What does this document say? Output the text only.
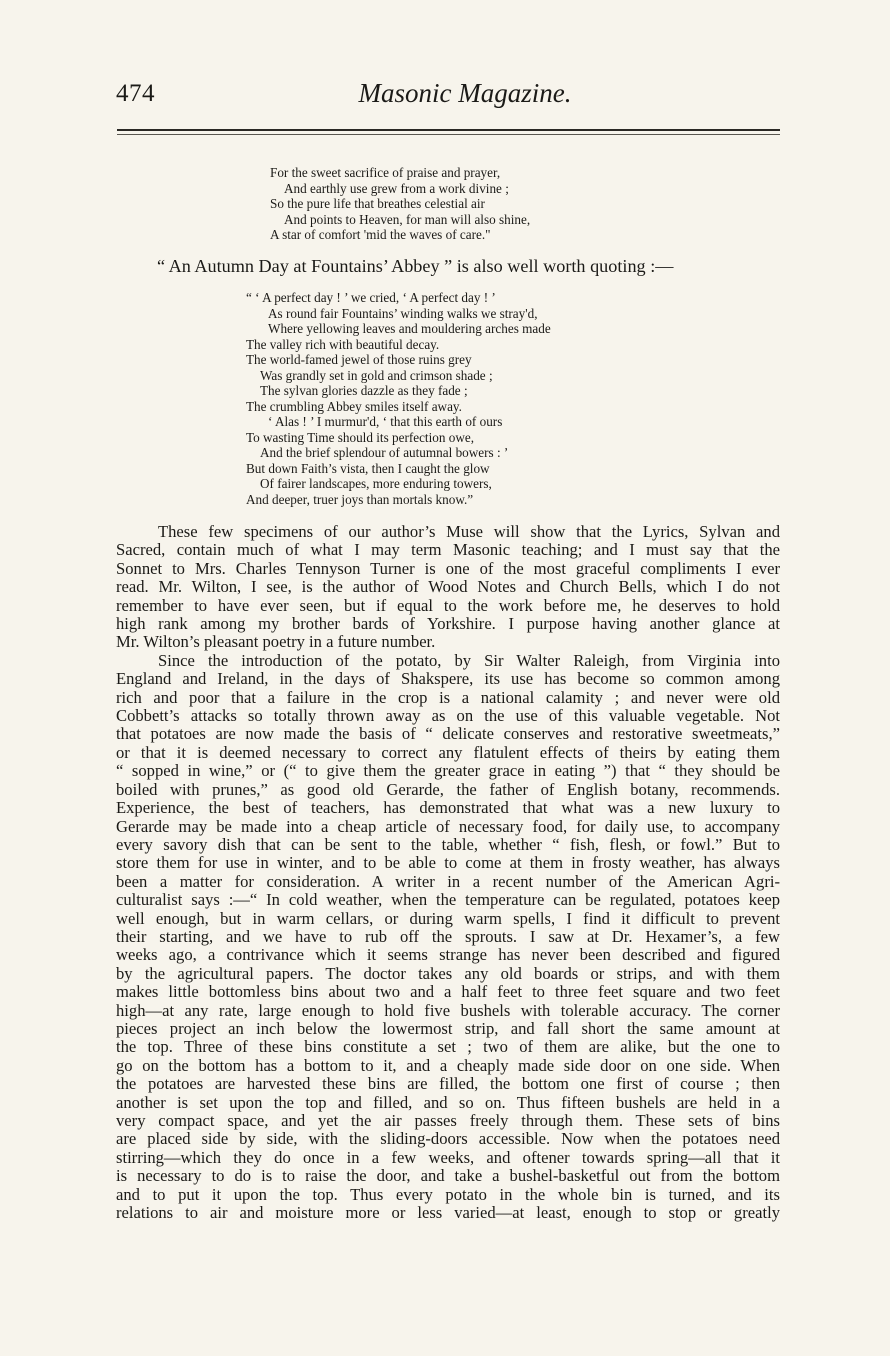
474	Masonic Magazine.
For the sweet sacrifice of praise and prayer,
And earthly use grew from a work divine ;
So the pure life that breathes celestial air
And points to Heaven, for man will also shine,
A star of comfort 'mid the waves of care."
“ An Autumn Day at Fountains’ Abbey ” is also well worth quoting :—
“ ‘ A perfect day ! ’ we cried, ‘ A perfect day ! ’
As round fair Fountains’ winding walks we stray'd,
Where yellowing leaves and mouldering arches made
The valley rich with beautiful decay.
The world-famed jewel of those ruins grey
Was grandly set in gold and crimson shade ;
The sylvan glories dazzle as they fade ;
The crumbling Abbey smiles itself away.
‘ Alas ! ’ I murmur'd, ‘ that this earth of ours
To wasting Time should its perfection owe,
And the brief splendour of autumnal bowers : ’
But down Faith’s vista, then I caught the glow
Of fairer landscapes, more enduring towers,
And deeper, truer joys than mortals know.”
These few specimens of our author’s Muse will show that the Lyrics, Sylvan and
Sacred, contain much of what I may term Masonic teaching; and I must say that the
Sonnet to Mrs. Charles Tennyson Turner is one of the most graceful compliments I ever
read. Mr. Wilton, I see, is the author of Wood Notes and Church Bells, which I do not
remember to have ever seen, but if equal to the work before me, he deserves to hold
high rank among my brother bards of Yorkshire. I purpose having another glance at
Mr. Wilton’s pleasant poetry in a future number.
Since the introduction of the potato, by Sir Walter Raleigh, from Virginia into
England and Ireland, in the days of Shakspere, its use has become so common among
rich and poor that a failure in the crop is a national calamity ; and never were old
Cobbett’s attacks so totally thrown away as on the use of this valuable vegetable. Not
that potatoes are now made the basis of “ delicate conserves and restorative sweetmeats,”
or that it is deemed necessary to correct any flatulent effects of theirs by eating them
“ sopped in wine,” or (“ to give them the greater grace in eating ”) that “ they should be
boiled with prunes,” as good old Gerarde, the father of English botany, recommends.
Experience, the best of teachers, has demonstrated that what was a new luxury to
Gerarde may be made into a cheap article of necessary food, for daily use, to accompany
every savory dish that can be sent to the table, whether “ fish, flesh, or fowl.” But to
store them for use in winter, and to be able to come at them in frosty weather, has always
been a matter for consideration. A writer in a recent number of the American Agri-
culturalist says :—“ In cold weather, when the temperature can be regulated, potatoes keep
well enough, but in warm cellars, or during warm spells, I find it difficult to prevent
their starting, and we have to rub off the sprouts. I saw at Dr. Hexamer’s, a few
weeks ago, a contrivance which it seems strange has never been described and figured
by the agricultural papers. The doctor takes any old boards or strips, and with them
makes little bottomless bins about two and a half feet to three feet square and two feet
high—at any rate, large enough to hold five bushels with tolerable accuracy. The corner
pieces project an inch below the lowermost strip, and fall short the same amount at
the top. Three of these bins constitute a set ; two of them are alike, but the one to
go on the bottom has a bottom to it, and a cheaply made side door on one side. When
the potatoes are harvested these bins are filled, the bottom one first of course ; then
another is set upon the top and filled, and so on. Thus fifteen bushels are held in a
very compact space, and yet the air passes freely through them. These sets of bins
are placed side by side, with the sliding-doors accessible. Now when the potatoes need
stirring—which they do once in a few weeks, and oftener towards spring—all that it
is necessary to do is to raise the door, and take a bushel-basketful out from the bottom
and to put it upon the top. Thus every potato in the whole bin is turned, and its
relations to air and moisture more or less varied—at least, enough to stop or greatly
